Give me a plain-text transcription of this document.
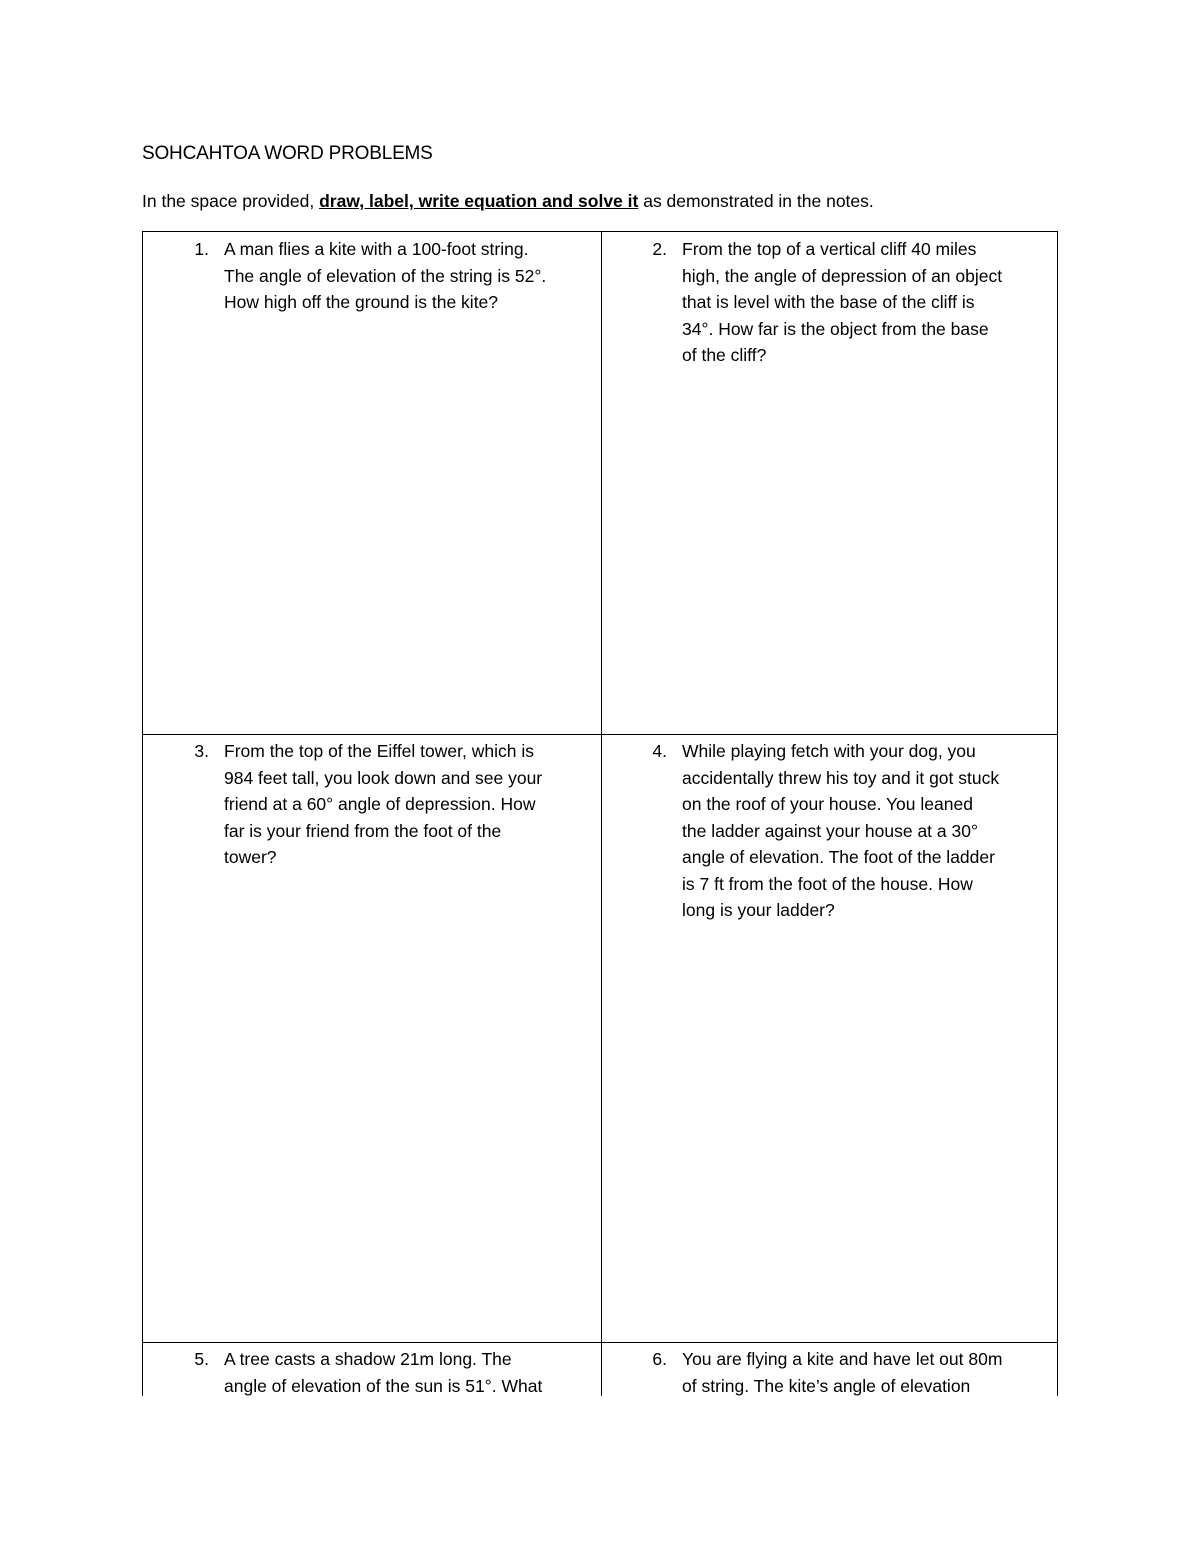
SOHCAHTOA WORD PROBLEMS
In the space provided, draw, label, write equation and solve it as demonstrated in the notes.
1. A man flies a kite with a 100-foot string.
The angle of elevation of the string is 52°.
How high off the ground is the kite?
2. From the top of a vertical cliff 40 miles
high, the angle of depression of an object
that is level with the base of the cliff is
34°. How far is the object from the base
of the cliff?
3. From the top of the Eiffel tower, which is
984 feet tall, you look down and see your
friend at a 60° angle of depression. How
far is your friend from the foot of the
tower?
4. While playing fetch with your dog, you
accidentally threw his toy and it got stuck
on the roof of your house. You leaned
the ladder against your house at a 30°
angle of elevation. The foot of the ladder
is 7 ft from the foot of the house. How
long is your ladder?
5. A tree casts a shadow 21m long. The
angle of elevation of the sun is 51°. What
6. You are flying a kite and have let out 80m
of string. The kite’s angle of elevation
